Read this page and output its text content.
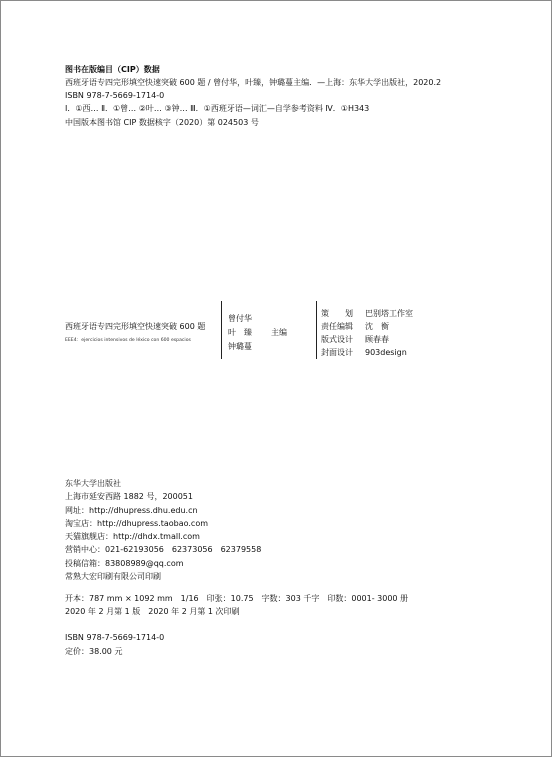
图书在版编目（CIP）数据
西班牙语专四完形填空快速突破 600 题 / 曾付华，叶臻，钟璐蔓主编．—上海：东华大学出版社，2020.2
ISBN 978-7-5669-1714-0
Ⅰ．①西… Ⅱ．①曾… ②叶… ③钟… Ⅲ．①西班牙语—词汇—自学参考资料 Ⅳ．①H343
中国版本图书馆 CIP 数据核字（2020）第 024503 号
西班牙语专四完形填空快速突破 600 题
EEE4：ejercicios intensivos de léxico con 600 espacios
曾付华
叶　臻
钟璐蔓
主编
策　　划	巴别塔工作室
责任编辑	沈　衡
版式设计	顾春春
封面设计	903design
东华大学出版社
上海市延安西路 1882 号，200051
网址：http://dhupress.dhu.edu.cn
淘宝店：http://dhupress.taobao.com
天猫旗舰店：http://dhdx.tmall.com
营销中心：021-62193056　62373056　62379558
投稿信箱：83808989@qq.com
常熟大宏印刷有限公司印刷
开本：787 mm × 1092 mm　1/16　印张：10.75　字数：303 千字　印数：0001- 3000 册
2020 年 2 月第 1 版　2020 年 2 月第 1 次印刷
ISBN 978-7-5669-1714-0
定价：38.00 元
